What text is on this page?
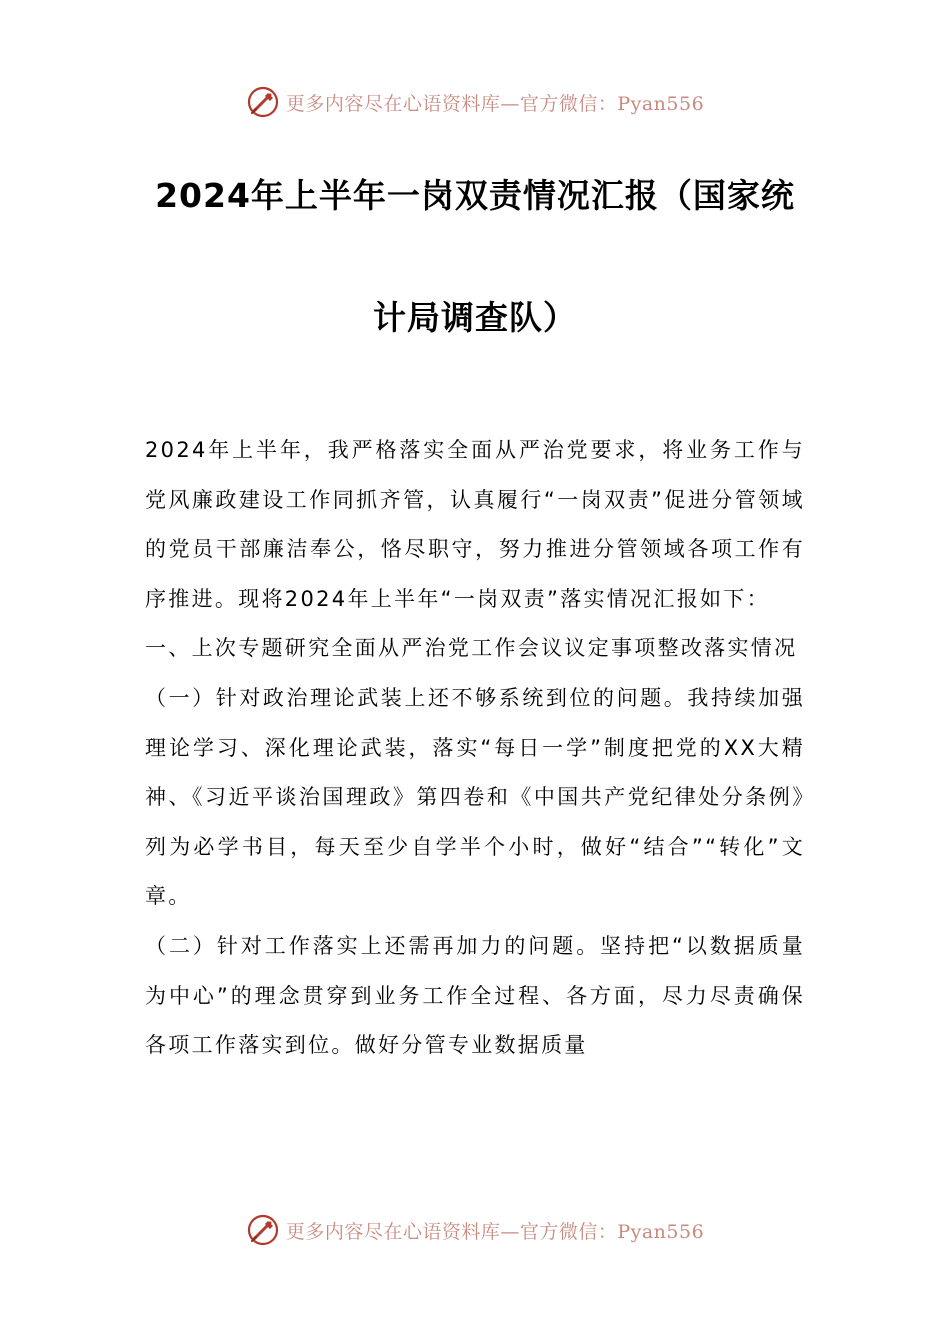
更多内容尽在心语资料库—官方微信：Pyan556
2024年上半年一岗双责情况汇报（国家统
计局调查队）

2024年上半年，我严格落实全面从严治党要求，将业务工作与党风廉政建设工作同抓齐管，认真履行“一岗双责”促进分管领域的党员干部廉洁奉公，恪尽职守，努力推进分管领域各项工作有序推进。现将2024年上半年“一岗双责”落实情况汇报如下：

一、上次专题研究全面从严治党工作会议议定事项整改落实情况

（一）针对政治理论武装上还不够系统到位的问题。我持续加强理论学习、深化理论武装，落实“每日一学”制度把党的XX大精神、《习近平谈治国理政》第四卷和《中国共产党纪律处分条例》列为必学书目，每天至少自学半个小时，做好“结合”“转化”文章。

（二）针对工作落实上还需再加力的问题。坚持把“以数据质量为中心”的理念贯穿到业务工作全过程、各方面，尽力尽责确保各项工作落实到位。做好分管专业数据质量

更多内容尽在心语资料库—官方微信：Pyan556
